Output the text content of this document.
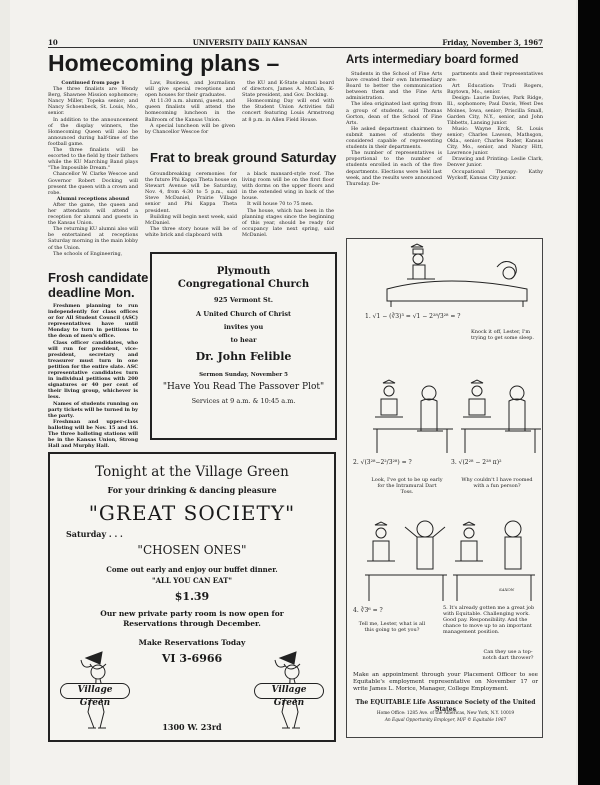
10	UNIVERSITY DAILY KANSAN	Friday, November 3, 1967
Homecoming plans –

Continued from page 1

The three finalists are Wendy Berg, Shawnee Mission sophomore; Nancy Miller, Topeka senior; and Nancy Schoenbeck, St. Louis, Mo., senior.

In addition to the announcement of the display winners, the Homecoming Queen will also be announced during half-time of the football game.

The three finalists will be escorted to the field by their fathers while the KU Marching Band plays "The Impossible Dream."

Chancellor W. Clarke Wescoe and Governor Robert Docking will present the queen with a crown and robe.

Alumni receptions abound

After the game, the queen and her attendants will attend a reception for alumni and guests in the Kansas Union.

The returning KU alumni also will be entertained at receptions Saturday morning in the main lobby of the Union.

The schools of Engineering,

Law, Business, and Journalism will give special receptions and open houses for their graduates.

At 11:30 a.m. alumni, guests, and queen finalists will attend the homecoming luncheon in the Ballroom of the Kansas Union.

A special luncheon will be given by Chancellor Wescoe for

the KU and K-State alumni board of directors, James A. McCain, K-State president, and Gov. Docking.

Homecoming Day will end with the Student Union Activities fall concert featuring Louis Armstrong at 8 p.m. in Allen Field House.

Frat to break ground Saturday

Groundbreaking ceremonies for the future Phi Kappa Theta house on Stewart Avenue will be Saturday, Nov. 4, from 4:30 to 5 p.m., said Steve McDaniel, Prairie Village senior and Phi Kappa Theta president.

Building will begin next week, said McDaniel.

The three story house will be of white brick and clapboard with

a black mansard-style roof. The living room will be on the first floor with dorms on the upper floors and in the extended wing in back of the house.

It will house 70 to 75 men.

The house, which has been in the planning stages since the beginning of this year, should be ready for occupancy late next spring, said McDaniel.

Arts intermediary board formed

Students in the School of Fine Arts have created their own Intermediary Board to better the communication between them and the Fine Arts administration.

The idea originated last spring from a group of students, said Thomas Gorton, dean of the School of Fine Arts.

He asked department chairmen to submit names of students they considered capable of representing students in their departments.

The number of representatives is proportional to the number of students enrolled in each of the five departments. Elections were held last week, and the results were announced Thursday. De-

partments and their representatives are:

Art Education: Trudi Rogers, Baytown, Mo., senior.

Design: Laurie Davies, Park Ridge, Ill., sophomore; Paul Davis, West Des Moines, Iowa, senior; Priscilla Small, Garden City, N.Y., senior, and John Tibbetts, Lansing junior.

Music: Wayne Erck, St. Louis senior; Charles Lawson, Mathsgon, Okla., senior; Charles Ruder, Kansas City, Mo., senior, and Nancy Hitt, Lawrence junior.

Drawing and Printing: Leslie Clark, Denver junior.

Occupational Therapy: Kathy Wyckoff, Kansas City junior.

Frosh candidate
deadline Mon.

Freshmen planning to run independently for class offices or for All Student Council (ASC) representatives have until Monday to turn in petitions to the dean of men's office.

Class officer candidates, who will run for president, vice-president, secretary and treasurer must turn in one petition for the entire slate. ASC representative candidates turn in individual petitions with 200 signatures or 40 per cent of their living group, whichever is less.

Names of students running on party tickets will be turned in by the party.

Freshman and upper-class balloting will be Nov. 15 and 16. The three balloting stations will be in the Kansas Union, Strong Hall and Murphy Hall.

Plymouth
Congregational Church
925 Vermont St.
A United Church of Christ
invites you
to hear
Dr. John Felible
Sermon Sunday, November 5
"Have You Read The Passover Plot"
Services at 9 a.m. & 10:45 a.m.
Tonight at the Village Green
For your drinking & dancing pleasure
"GREAT SOCIETY"
Saturday . . .
"CHOSEN ONES"
Come out early and enjoy our buffet dinner.
"ALL YOU CAN EAT"
$1.39
Our new private party room is now open for Reservations through December.
Make Reservations Today
VI 3-6966
1300 W. 23rd
Village Green
Village Green
1. √1 − (∛3)³ = √1 − 2²⁸/3²⁸ = ?
Knock it off, Lester, I'm trying to get some sleep.
2. √(3²⁸−2²/3²⁸) = ?	3. √(2²⁸ − 2²⁸ π)²
Look, I've got to be up early for the Intramural Dart Toss.
Why couldn't I have roomed with a fun person?
SAXON
4. ∛3⁶ = ?
Tell me, Lester, what is all this going to get you?
5. It's already gotten me a great job with Equitable. Challenging work. Good pay. Responsibility. And the chance to move up to an important management position.
Can they use a top-notch dart thrower?
Make an appointment through your Placement Officer to see Equitable's employment representative on November 17 or write James L. Morice, Manager, College Employment.
The EQUITABLE Life Assurance Society of the United States
Home Office: 1285 Ave. of the Americas, New York, N.Y. 10019
An Equal Opportunity Employer, M/F © Equitable 1967
